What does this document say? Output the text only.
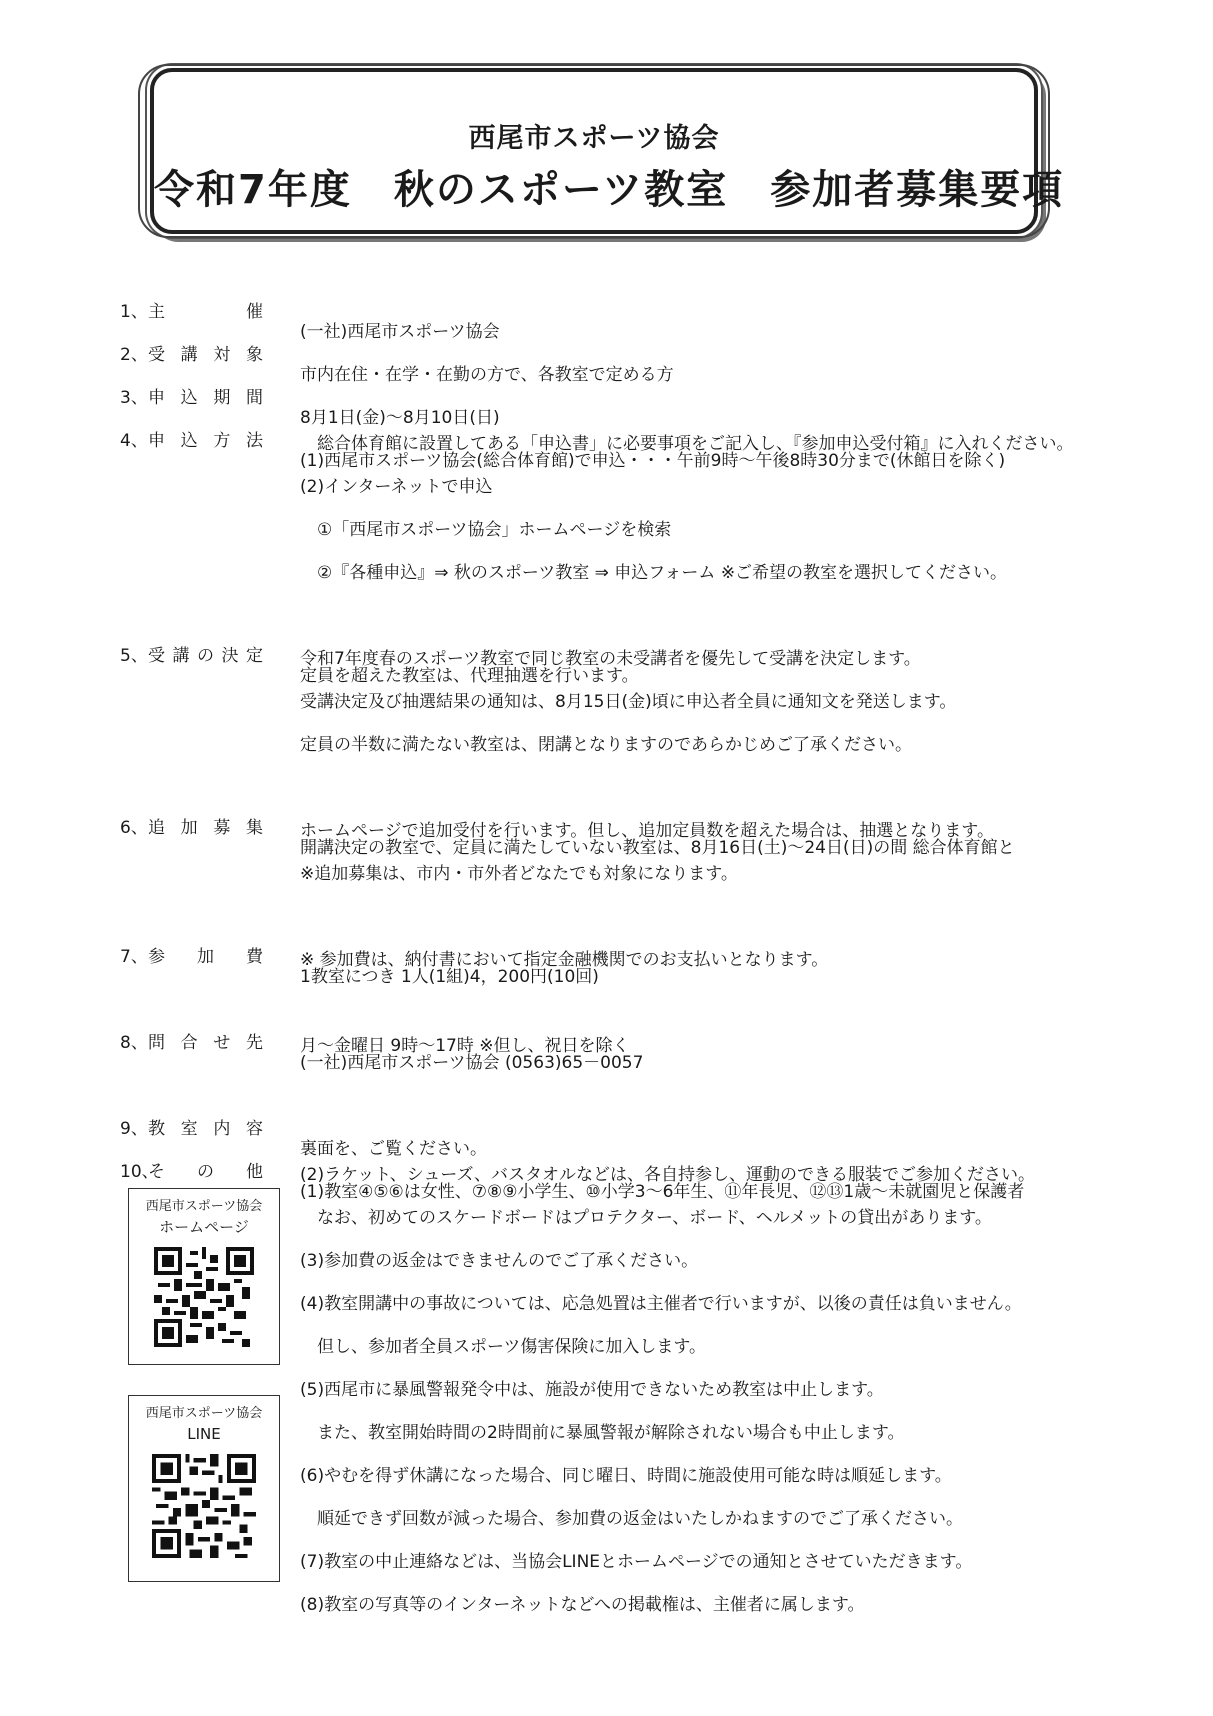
西尾市スポーツ協会
令和7年度　秋のスポーツ教室　参加者募集要項

1、 主　催

(一社)西尾市スポーツ協会

2、 受講対象

市内在住・在学・在勤の方で、各教室で定める方

3、 申込期間

8月1日(金)～8月10日(日)

4、 申込方法

(1)西尾市スポーツ協会(総合体育館)で申込・・・午前9時～午後8時30分まで(休館日を除く)

　総合体育館に設置してある「申込書」に必要事項をご記入し、『参加申込受付箱』に入れください。
(2)インターネットで申込
　①「西尾市スポーツ協会」ホームページを検索
　②『各種申込』⇒ 秋のスポーツ教室 ⇒ 申込フォーム ※ご希望の教室を選択してください。

5、 受講の決定

定員を超えた教室は、代理抽選を行います。

令和7年度春のスポーツ教室で同じ教室の未受講者を優先して受講を決定します。
受講決定及び抽選結果の通知は、8月15日(金)頃に申込者全員に通知文を発送します。
定員の半数に満たない教室は、閉講となりますのであらかじめご了承ください。

6、 追加募集

開講決定の教室で、定員に満たしていない教室は、8月16日(土)～24日(日)の間 総合体育館と

ホームページで追加受付を行います。但し、追加定員数を超えた場合は、抽選となります。
※追加募集は、市内・市外者どなたでも対象になります。

7、 参加費

1教室につき 1人(1組)4，200円(10回)

※ 参加費は、納付書において指定金融機関でのお支払いとなります。

8、 問合せ先

(一社)西尾市スポーツ協会 (0563)65－0057

月～金曜日 9時～17時 ※但し、祝日を除く

9、 教室内容

裏面を、ご覧ください。

10、
その他

(1)教室④⑤⑥は女性、⑦⑧⑨小学生、⑩小学3～6年生、⑪年長児、⑫⑬1歳～未就園児と保護者

(2)ラケット、シューズ、バスタオルなどは、各自持参し、運動のできる服装でご参加ください。
　なお、初めてのスケードボードはプロテクター、ボード、ヘルメットの貸出があります。
(3)参加費の返金はできませんのでご了承ください。
(4)教室開講中の事故については、応急処置は主催者で行いますが、以後の責任は負いません。
　但し、参加者全員スポーツ傷害保険に加入します。
(5)西尾市に暴風警報発令中は、施設が使用できないため教室は中止します。
　また、教室開始時間の2時間前に暴風警報が解除されない場合も中止します。
(6)やむを得ず休講になった場合、同じ曜日、時間に施設使用可能な時は順延します。
　順延できず回数が減った場合、参加費の返金はいたしかねますのでご了承ください。
(7)教室の中止連絡などは、当協会LINEとホームページでの通知とさせていただきます。
(8)教室の写真等のインターネットなどへの掲載権は、主催者に属します。
西尾市スポーツ協会
ホームページ
西尾市スポーツ協会
LINE
